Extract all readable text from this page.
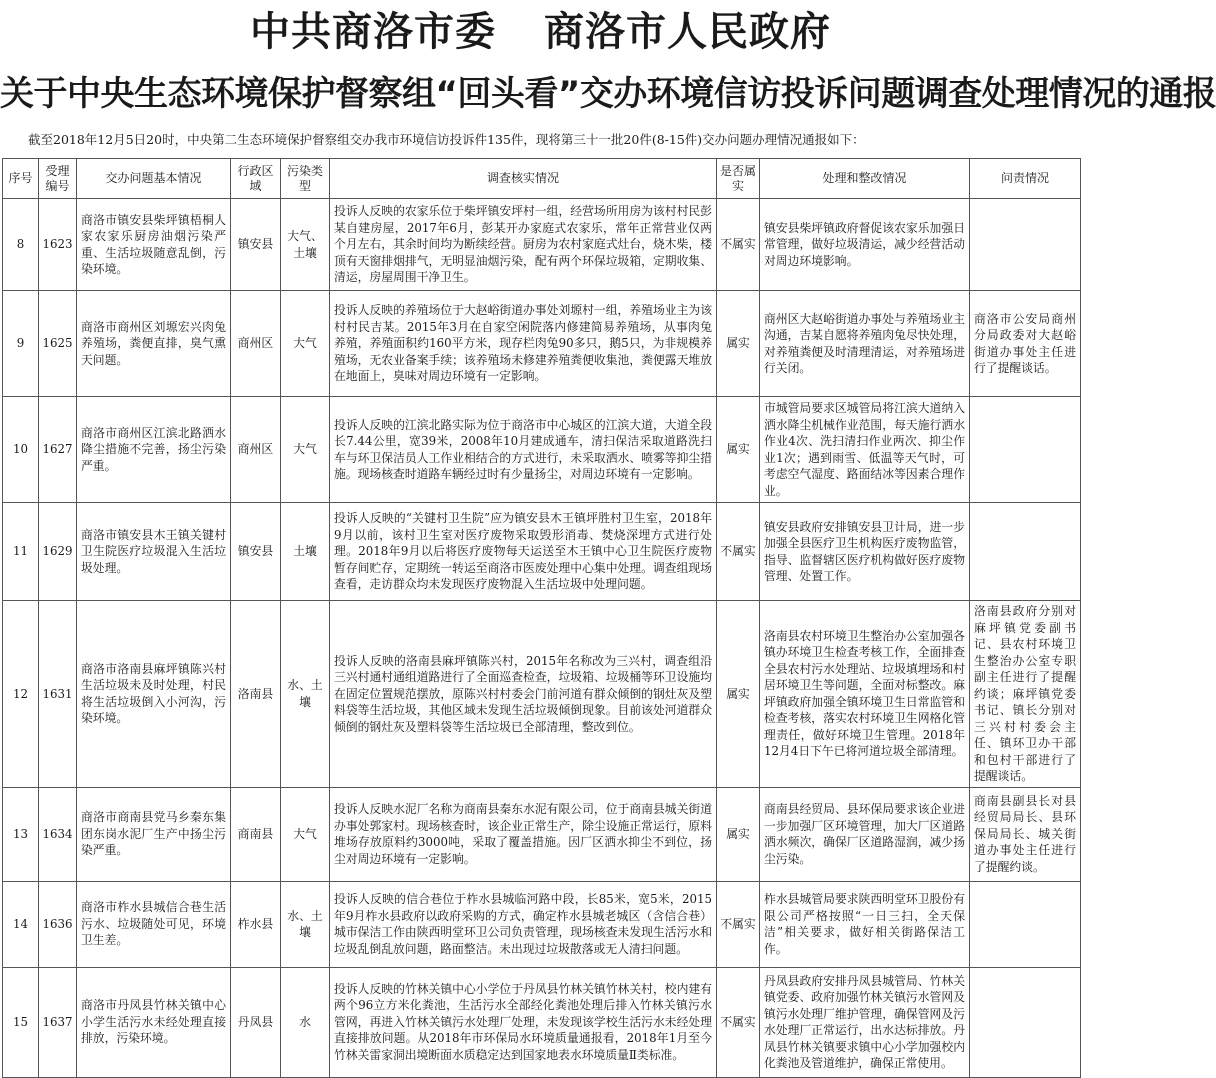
中共商洛市委 商洛市人民政府
关于中央生态环境保护督察组“回头看”交办环境信访投诉问题调查处理情况的通报
截至2018年12月5日20时，中央第二生态环境保护督察组交办我市环境信访投诉件135件，现将第三十一批20件(8-15件)交办问题办理情况通报如下：
序号	受理编号	交办问题基本情况	行政区域	污染类型	调查核实情况	是否属实	处理和整改情况	问责情况
8	1623	商洛市镇安县柴坪镇梧桐人家农家乐厨房油烟污染严重、生活垃圾随意乱倒，污染环境。	镇安县	大气、土壤	投诉人反映的农家乐位于柴坪镇安坪村一组，经营场所用房为该村村民彭某自建房屋，2017年6月，彭某开办家庭式农家乐，常年正常营业仅两个月左右，其余时间均为断续经营。厨房为农村家庭式灶台，烧木柴，楼顶有天窗排烟排气，无明显油烟污染，配有两个环保垃圾箱，定期收集、清运，房屋周围干净卫生。	不属实	镇安县柴坪镇政府督促该农家乐加强日常管理，做好垃圾清运，减少经营活动对周边环境影响。	
9	1625	商洛市商州区刘塬宏兴肉兔养殖场，粪便直排，臭气熏天问题。	商州区	大气	投诉人反映的养殖场位于大赵峪街道办事处刘塬村一组，养殖场业主为该村村民吉某。2015年3月在自家空闲院落内修建简易养殖场，从事肉兔养殖，养殖面积约160平方米，现存栏肉兔90多只，鹅5只，为非规模养殖场，无农业备案手续；该养殖场未修建养殖粪便收集池，粪便露天堆放在地面上，臭味对周边环境有一定影响。	属实	商州区大赵峪街道办事处与养殖场业主沟通，吉某自愿将养殖肉兔尽快处理，对养殖粪便及时清理清运，对养殖场进行关闭。	商洛市公安局商州分局政委对大赵峪街道办事处主任进行了提醒谈话。
10	1627	商洛市商州区江滨北路洒水降尘措施不完善，扬尘污染严重。	商州区	大气	投诉人反映的江滨北路实际为位于商洛市中心城区的江滨大道，大道全段长7.44公里，宽39米，2008年10月建成通车，清扫保洁采取道路洗扫车与环卫保洁员人工作业相结合的方式进行，未采取洒水、喷雾等抑尘措施。现场核查时道路车辆经过时有少量扬尘，对周边环境有一定影响。	属实	市城管局要求区城管局将江滨大道纳入洒水降尘机械作业范围，每天施行洒水作业4次、洗扫清扫作业两次、抑尘作业1次；遇到雨雪、低温等天气时，可考虑空气湿度、路面结冰等因素合理作业。	
11	1629	商洛市镇安县木王镇关键村卫生院医疗垃圾混入生活垃圾处理。	镇安县	土壤	投诉人反映的“关键村卫生院”应为镇安县木王镇坪胜村卫生室，2018年9月以前，该村卫生室对医疗废物采取毁形消毒、焚烧深埋方式进行处理。2018年9月以后将医疗废物每天运送至木王镇中心卫生院医疗废物暂存间贮存，定期统一转运至商洛市医废处理中心集中处理。调查组现场查看，走访群众均未发现医疗废物混入生活垃圾中处理问题。	不属实	镇安县政府安排镇安县卫计局，进一步加强全县医疗卫生机构医疗废物监管，指导、监督辖区医疗机构做好医疗废物管理、处置工作。	
12	1631	商洛市洛南县麻坪镇陈兴村生活垃圾未及时处理，村民将生活垃圾倒入小河沟，污染环境。	洛南县	水、土壤	投诉人反映的洛南县麻坪镇陈兴村，2015年名称改为三兴村，调查组沿三兴村通村通组道路进行了全面巡查检查，垃圾箱、垃圾桶等环卫设施均在固定位置规范摆放，原陈兴村村委会门前河道有群众倾倒的钢灶灰及塑料袋等生活垃圾，其他区域未发现生活垃圾倾倒现象。目前该处河道群众倾倒的钢灶灰及塑料袋等生活垃圾已全部清理，整改到位。	属实	洛南县农村环境卫生整治办公室加强各镇办环境卫生检查考核工作，全面排查全县农村污水处理站、垃圾填埋场和村居环境卫生等问题，全面对标整改。麻坪镇政府加强全镇环境卫生日常监管和检查考核，落实农村环境卫生网格化管理责任，做好环境卫生管理。2018年12月4日下午已将河道垃圾全部清理。	洛南县政府分别对麻坪镇党委副书记、县农村环境卫生整治办公室专职副主任进行了提醒约谈；麻坪镇党委书记、镇长分别对三兴村村委会主任、镇环卫办干部和包村干部进行了提醒谈话。
13	1634	商洛市商南县党马乡秦东集团东岗水泥厂生产中扬尘污染严重。	商南县	大气	投诉人反映水泥厂名称为商南县秦东水泥有限公司，位于商南县城关街道办事处郭家村。现场核查时，该企业正常生产，除尘设施正常运行，原料堆场存放原料约3000吨，采取了覆盖措施。因厂区洒水抑尘不到位，扬尘对周边环境有一定影响。	属实	商南县经贸局、县环保局要求该企业进一步加强厂区环境管理，加大厂区道路洒水频次，确保厂区道路湿润，减少扬尘污染。	商南县副县长对县经贸局局长、县环保局局长、城关街道办事处主任进行了提醒约谈。
14	1636	商洛市柞水县城信合巷生活污水、垃圾随处可见，环境卫生差。	柞水县	水、土壤	投诉人反映的信合巷位于柞水县城临河路中段，长85米，宽5米，2015年9月柞水县政府以政府采购的方式，确定柞水县城老城区（含信合巷）城市保洁工作由陕西明堂环卫公司负责管理，现场核查未发现生活污水和垃圾乱倒乱放问题，路面整洁。未出现过垃圾散落或无人清扫问题。	不属实	柞水县城管局要求陕西明堂环卫股份有限公司严格按照“一日三扫，全天保洁”相关要求，做好相关街路保洁工作。	
15	1637	商洛市丹凤县竹林关镇中心小学生活污水未经处理直接排放，污染环境。	丹凤县	水	投诉人反映的竹林关镇中心小学位于丹凤县竹林关镇竹林关村，校内建有两个96立方米化粪池，生活污水全部经化粪池处理后排入竹林关镇污水管网，再进入竹林关镇污水处理厂处理，未发现该学校生活污水未经处理直接排放问题。从2018年市环保局水环境质量通报看，2018年1月至今竹林关雷家洞出境断面水质稳定达到国家地表水环境质量Ⅱ类标准。	不属实	丹凤县政府安排丹凤县城管局、竹林关镇党委、政府加强竹林关镇污水管网及镇污水处理厂维护管理，确保管网及污水处理厂正常运行，出水达标排放。丹凤县竹林关镇要求镇中心小学加强校内化粪池及管道维护，确保正常使用。	
